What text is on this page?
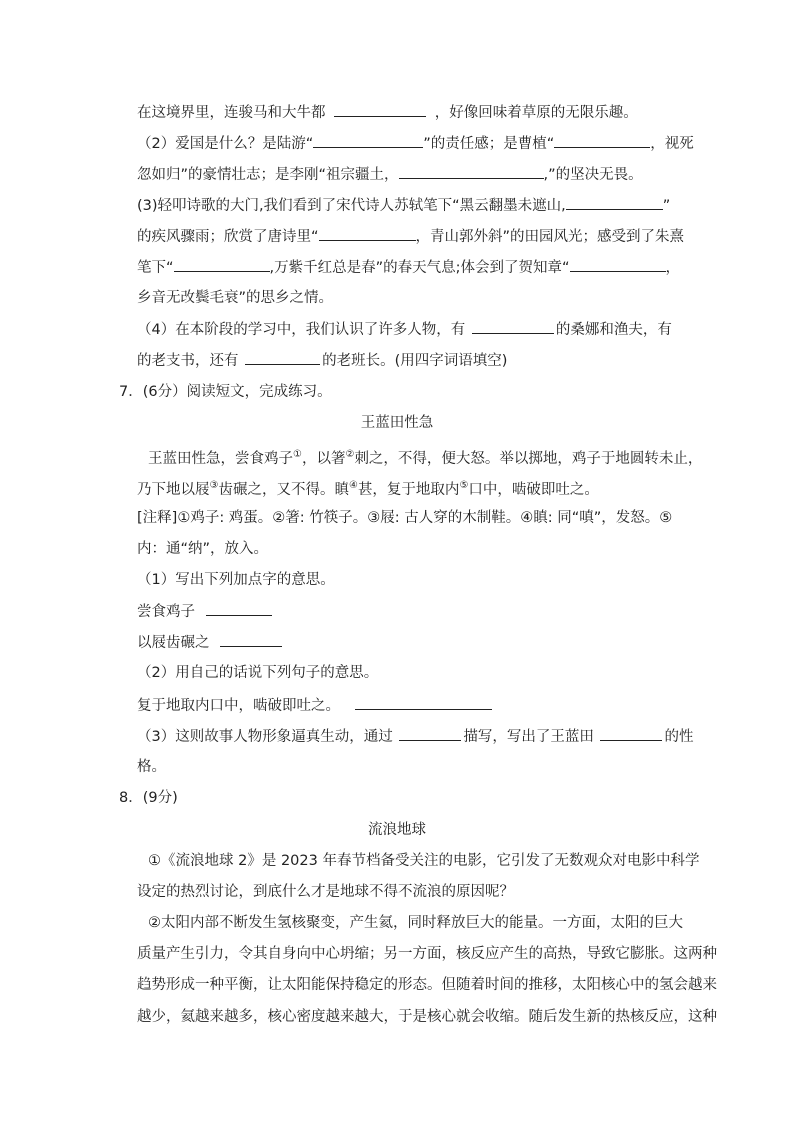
在这境界里，连骏马和大牛都	，好像回味着草原的无限乐趣。
（2）爱国是什么？是陆游“	”的责任感；是曹植“	，视死
忽如归”的豪情壮志；是李刚“祖宗疆土，	,”的坚决无畏。
(3)轻叩诗歌的大门,我们看到了宋代诗人苏轼笔下“黑云翻墨未遮山,	”
的疾风骤雨；欣赏了唐诗里“	，青山郭外斜”的田园风光；感受到了朱熹
笔下“	,万紫千红总是春”的春天气息;体会到了贺知章“	，
乡音无改鬓毛衰”的思乡之情。
（4）在本阶段的学习中，我们认识了许多人物，有	的桑娜和渔夫，有
的老支书，还有	的老班长。(用四字词语填空)
7．(6分）阅读短文，完成练习。
王蓝田性急
王蓝田性急，尝食鸡子①，以箸②刺之，不得，便大怒。举以掷地，鸡子于地圆转未止，
乃下地以屐③齿碾之，又不得。瞋④甚，复于地取内⑤口中，啮破即吐之。
[注释]①鸡子: 鸡蛋。②箸: 竹筷子。③屐: 古人穿的木制鞋。④瞋: 同“嗔”，发怒。⑤
内：通“纳”，放入。
（1）写出下列加点字的意思。
尝食鸡子
以屐齿碾之
（2）用自己的话说下列句子的意思。
复于地取内口中，啮破即吐之。
（3）这则故事人物形象逼真生动，通过	描写，写出了王蓝田	的性
格。
8．(9分)
流浪地球
①《流浪地球 2》是 2023 年春节档备受关注的电影，它引发了无数观众对电影中科学
设定的热烈讨论，到底什么才是地球不得不流浪的原因呢？
②太阳内部不断发生氢核聚变，产生氦，同时释放巨大的能量。一方面，太阳的巨大
质量产生引力，令其自身向中心坍缩；另一方面，核反应产生的高热，导致它膨胀。这两种
趋势形成一种平衡，让太阳能保持稳定的形态。但随着时间的推移，太阳核心中的氢会越来
越少，氦越来越多，核心密度越来越大，于是核心就会收缩。随后发生新的热核反应，这种
